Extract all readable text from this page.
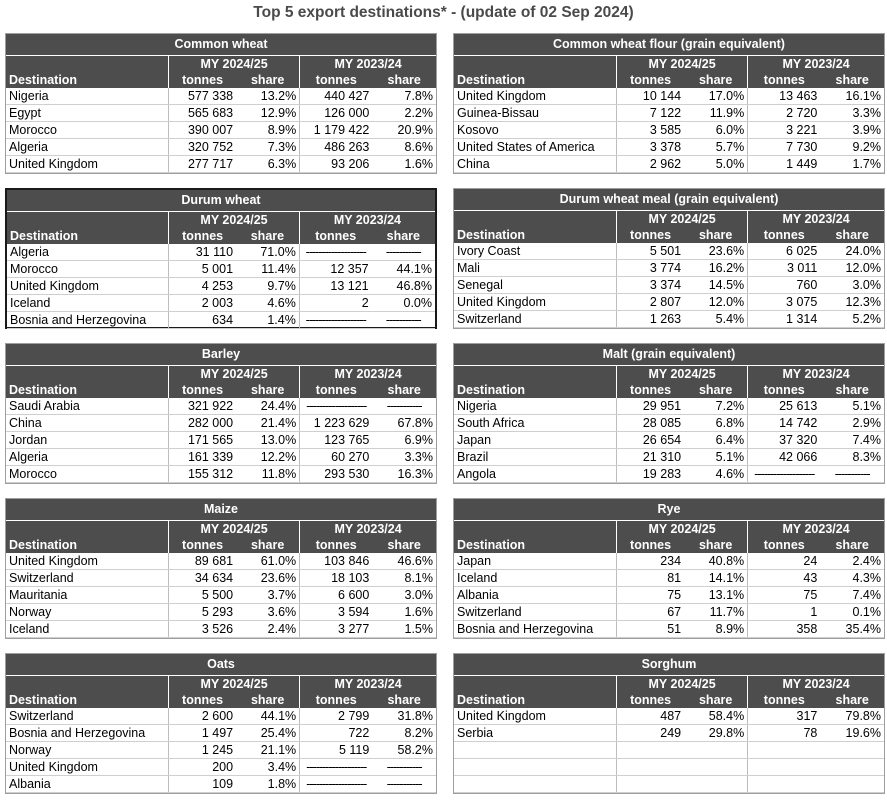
Top 5 export destinations* - (update of 02 Sep 2024)
Common wheat				
	MY 2024/25		MY 2023/24	
Destination	tonnes	share	tonnes	share
Nigeria	577 338	13.2%	440 427	7.8%
Egypt	565 683	12.9%	126 000	2.2%
Morocco	390 007	8.9%	1 179 422	20.9%
Algeria	320 752	7.3%	486 263	8.6%
United Kingdom	277 717	6.3%	93 206	1.6%
Common wheat flour (grain equivalent)				
	MY 2024/25		MY 2023/24	
Destination	tonnes	share	tonnes	share
United Kingdom	10 144	17.0%	13 463	16.1%
Guinea-Bissau	7 122	11.9%	2 720	3.3%
Kosovo	3 585	6.0%	3 221	3.9%
United States of America	3 378	5.7%	7 730	9.2%
China	2 962	5.0%	1 449	1.7%
Durum wheat				
	MY 2024/25		MY 2023/24	
Destination	tonnes	share	tonnes	share
Algeria	31 110	71.0%	-------------------	-----------
Morocco	5 001	11.4%	12 357	44.1%
United Kingdom	4 253	9.7%	13 121	46.8%
Iceland	2 003	4.6%	2	0.0%
Bosnia and Herzegovina	634	1.4%	-------------------	-----------
Durum wheat meal (grain equivalent)				
	MY 2024/25		MY 2023/24	
Destination	tonnes	share	tonnes	share
Ivory Coast	5 501	23.6%	6 025	24.0%
Mali	3 774	16.2%	3 011	12.0%
Senegal	3 374	14.5%	760	3.0%
United Kingdom	2 807	12.0%	3 075	12.3%
Switzerland	1 263	5.4%	1 314	5.2%
Barley				
	MY 2024/25		MY 2023/24	
Destination	tonnes	share	tonnes	share
Saudi Arabia	321 922	24.4%	-------------------	-----------
China	282 000	21.4%	1 223 629	67.8%
Jordan	171 565	13.0%	123 765	6.9%
Algeria	161 339	12.2%	60 270	3.3%
Morocco	155 312	11.8%	293 530	16.3%
Malt (grain equivalent)				
	MY 2024/25		MY 2023/24	
Destination	tonnes	share	tonnes	share
Nigeria	29 951	7.2%	25 613	5.1%
South Africa	28 085	6.8%	14 742	2.9%
Japan	26 654	6.4%	37 320	7.4%
Brazil	21 310	5.1%	42 066	8.3%
Angola	19 283	4.6%	-------------------	-----------
Maize				
	MY 2024/25		MY 2023/24	
Destination	tonnes	share	tonnes	share
United Kingdom	89 681	61.0%	103 846	46.6%
Switzerland	34 634	23.6%	18 103	8.1%
Mauritania	5 500	3.7%	6 600	3.0%
Norway	5 293	3.6%	3 594	1.6%
Iceland	3 526	2.4%	3 277	1.5%
Rye				
	MY 2024/25		MY 2023/24	
Destination	tonnes	share	tonnes	share
Japan	234	40.8%	24	2.4%
Iceland	81	14.1%	43	4.3%
Albania	75	13.1%	75	7.4%
Switzerland	67	11.7%	1	0.1%
Bosnia and Herzegovina	51	8.9%	358	35.4%
Oats				
	MY 2024/25		MY 2023/24	
Destination	tonnes	share	tonnes	share
Switzerland	2 600	44.1%	2 799	31.8%
Bosnia and Herzegovina	1 497	25.4%	722	8.2%
Norway	1 245	21.1%	5 119	58.2%
United Kingdom	200	3.4%	-------------------	-----------
Albania	109	1.8%	-------------------	-----------
Sorghum				
	MY 2024/25		MY 2023/24	
Destination	tonnes	share	tonnes	share
United Kingdom	487	58.4%	317	79.8%
Serbia	249	29.8%	78	19.6%
